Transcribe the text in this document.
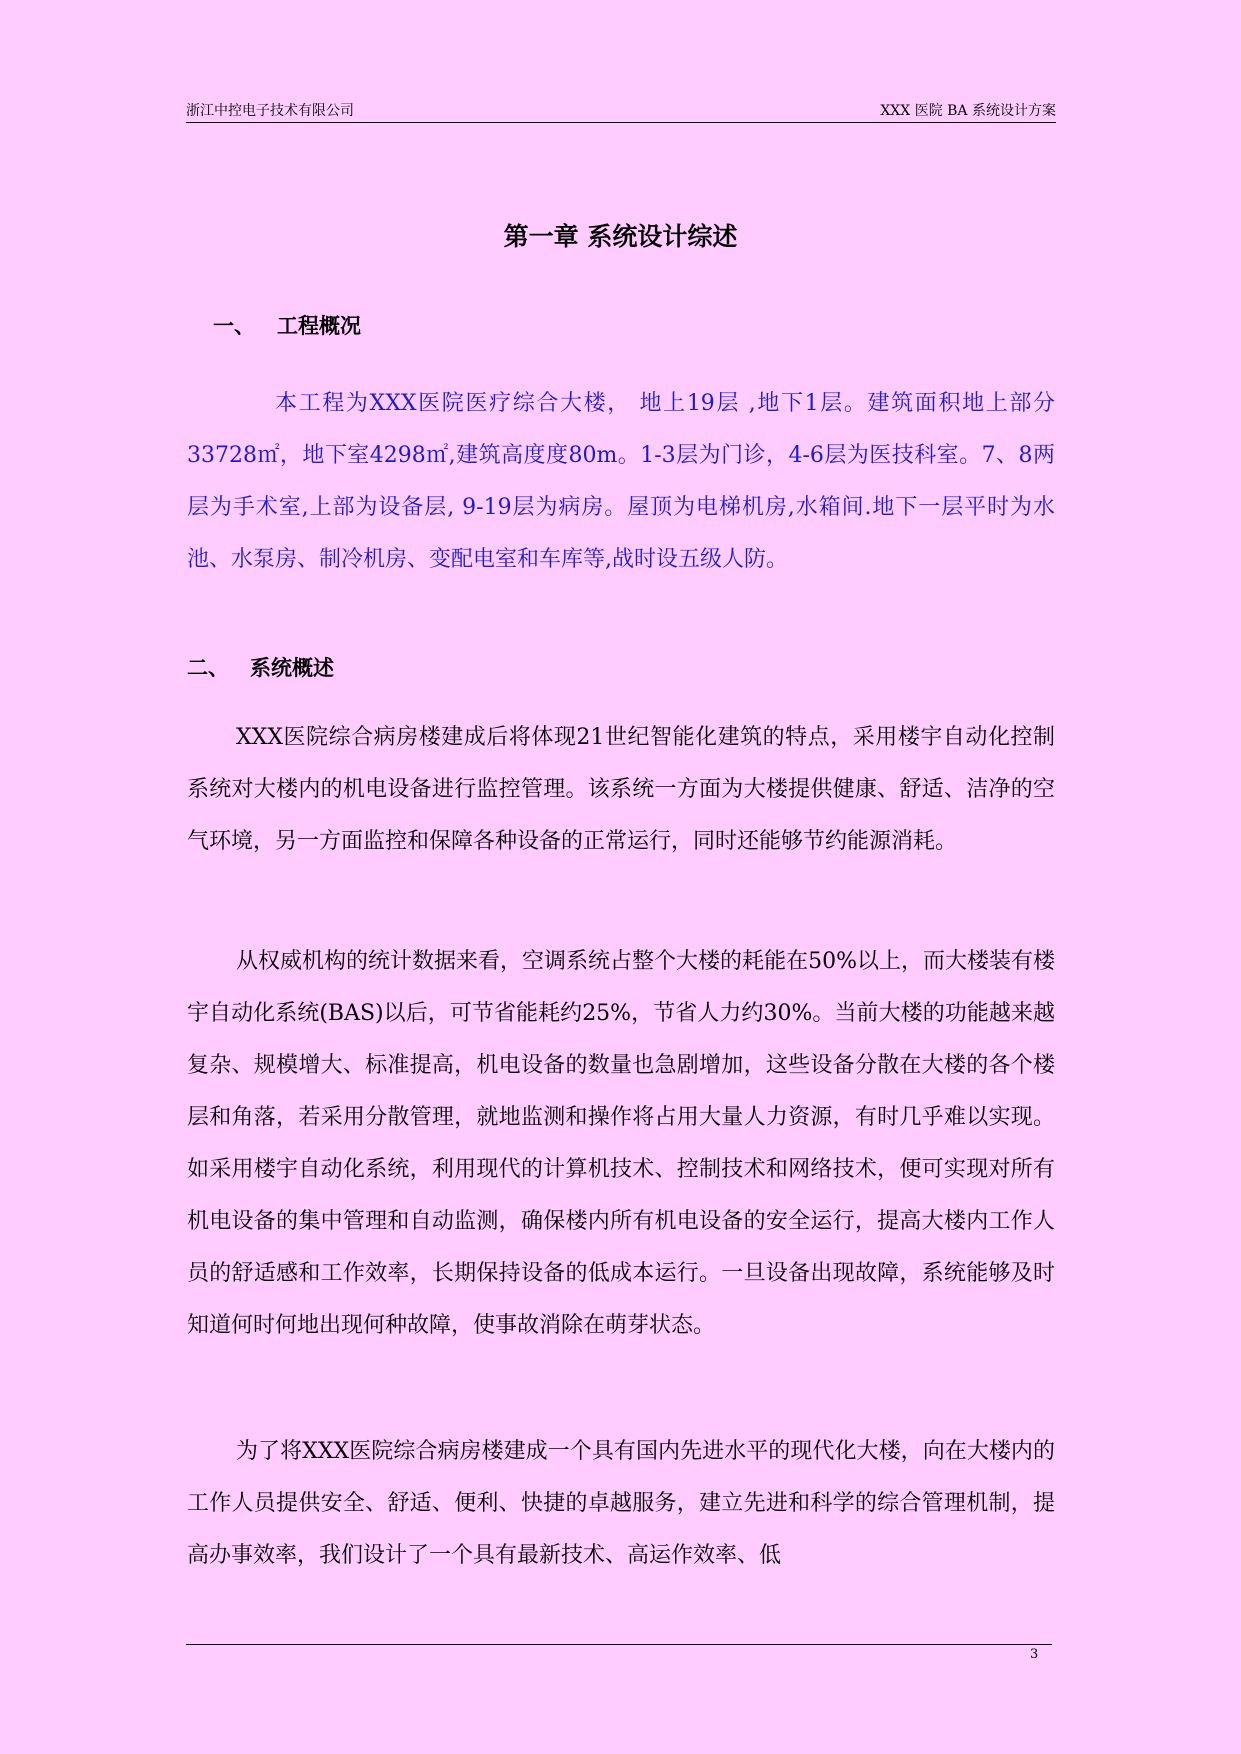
浙江中控电子技术有限公司	XXX 医院 BA 系统设计方案
第一章 系统设计综述
一、 工程概况

本工程为XXX医院医疗综合大楼， 地上19层 ,地下1层。建筑面积地上部分33728㎡，地下室4298㎡,建筑高度度80m。1-3层为门诊，4-6层为医技科室。7、8两层为手术室,上部为设备层, 9-19层为病房。屋顶为电梯机房,水箱间.地下一层平时为水池、水泵房、制冷机房、变配电室和车库等,战时设五级人防。

二、 系统概述

XXX医院综合病房楼建成后将体现21世纪智能化建筑的特点，采用楼宇自动化控制系统对大楼内的机电设备进行监控管理。该系统一方面为大楼提供健康、舒适、洁净的空气环境，另一方面监控和保障各种设备的正常运行，同时还能够节约能源消耗。

从权威机构的统计数据来看，空调系统占整个大楼的耗能在50%以上，而大楼装有楼宇自动化系统(BAS)以后，可节省能耗约25%，节省人力约30%。当前大楼的功能越来越复杂、规模增大、标准提高，机电设备的数量也急剧增加，这些设备分散在大楼的各个楼层和角落，若采用分散管理，就地监测和操作将占用大量人力资源，有时几乎难以实现。如采用楼宇自动化系统，利用现代的计算机技术、控制技术和网络技术，便可实现对所有机电设备的集中管理和自动监测，确保楼内所有机电设备的安全运行，提高大楼内工作人员的舒适感和工作效率，长期保持设备的低成本运行。一旦设备出现故障，系统能够及时知道何时何地出现何种故障，使事故消除在萌芽状态。

为了将XXX医院综合病房楼建成一个具有国内先进水平的现代化大楼，向在大楼内的工作人员提供安全、舒适、便利、快捷的卓越服务，建立先进和科学的综合管理机制，提高办事效率，我们设计了一个具有最新技术、高运作效率、低

3
